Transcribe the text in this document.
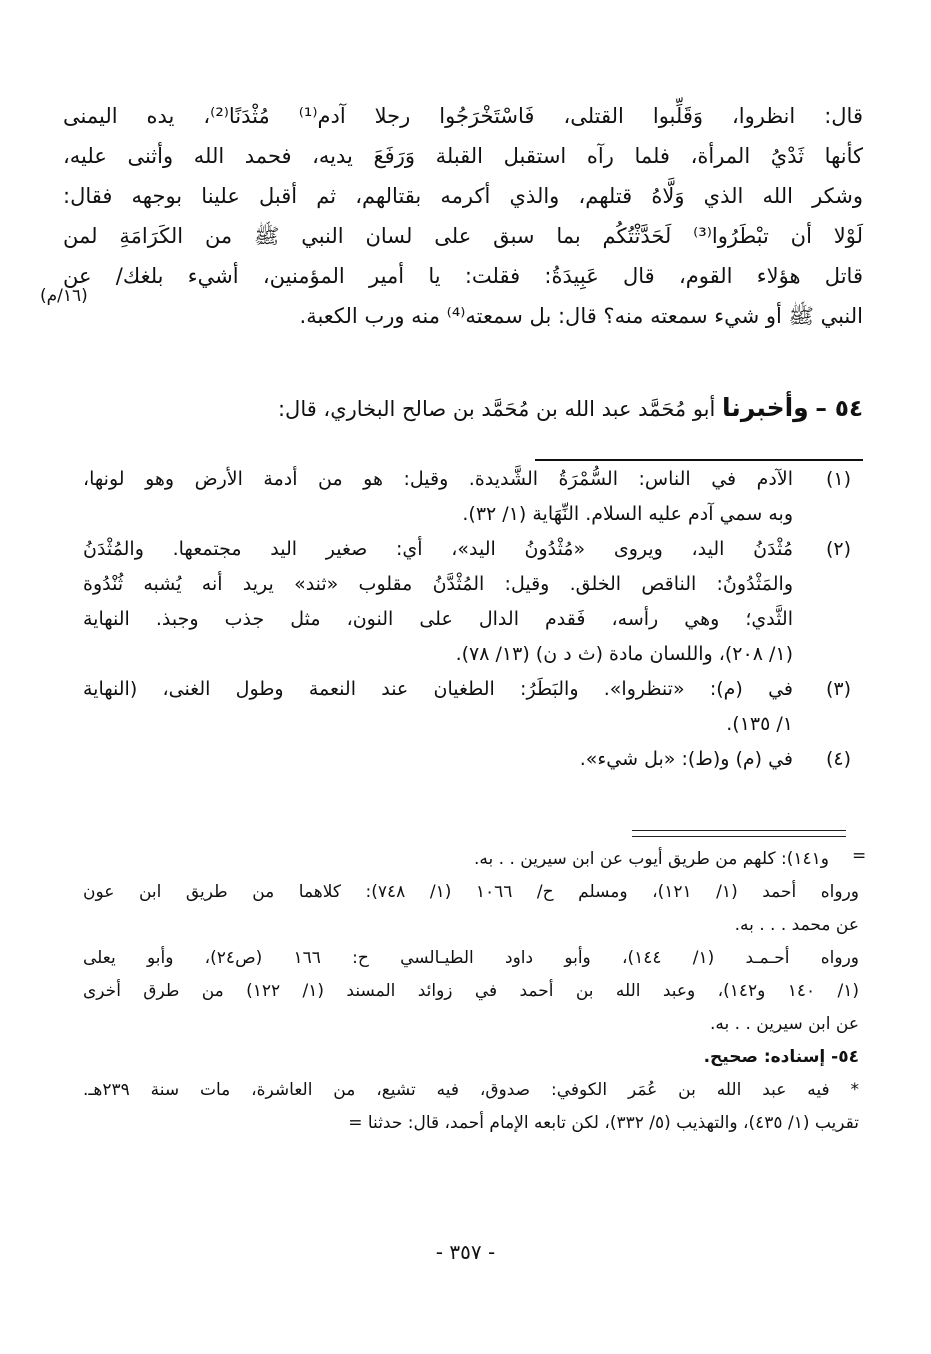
قال: انظروا، وَقَلِّبوا القتلى، فَاسْتَخْرَجُوا رجلا آدم⁽¹⁾ مُثْدَنًا⁽²⁾، يده اليمنى
كأنها ثَدْيُ المرأة، فلما رآه استقبل القبلة وَرَفَعَ يديه، فحمد الله وأثنى عليه،
وشكر الله الذي وَلَّاهُ قتلهم، والذي أكرمه بقتالهم، ثم أقبل علينا بوجهه فقال:
لَوْلا أن تبْطَرُوا⁽³⁾ لَحَدَّثْتُكُم بما سبق على لسان النبي ﷺ من الكَرَامَةِ لمن
قاتل هؤلاء القوم، قال عَبِيدَةُ: فقلت: يا أمير المؤمنين، أشيء بلغك/ عن
النبي ﷺ أو شيء سمعته منه؟ قال: بل سمعته⁽⁴⁾ منه ورب الكعبة.
(١٦/م)
٥٤ – وأخبرنا أبو مُحَمَّد عبد الله بن مُحَمَّد بن صالح البخاري، قال:
(١)
الآدم في الناس: السُّمْرَةُ الشَّديدة. وقيل: هو من أدمة الأرض وهو لونها،
وبه سمي آدم عليه السلام. النِّهَاية (١/ ٣٢).
(٢)
مُثْدَنُ اليد، ويروى «مُثْدُونُ اليد»، أي: صغير اليد مجتمعها. والمُثْدَنُ
والمَثْدُونُ: الناقص الخلق. وقيل: المُثْدَّنُ مقلوب «ثند» يريد أنه يُشبه ثُنْدُوة
الثَّدي؛ وهي رأسه، فَقدم الدال على النون، مثل جذب وجبذ. النهاية
(١/ ٢٠٨)، واللسان مادة (ث د ن) (١٣/ ٧٨).
(٣)
في (م): «تنظروا». والبَطَرُ: الطغيان عند النعمة وطول الغنى، (النهاية
١/ ١٣٥).
(٤)
في (م) و(ط): «بل شيء».
=
و١٤١): كلهم من طريق أيوب عن ابن سيرين . . به.
ورواه أحمد (١/ ١٢١)، ومسلم ح/ ١٠٦٦ (١/ ٧٤٨): كلاهما من طريق ابن عون
عن محمد . . . به.
ورواه أحـمـد (١/ ١٤٤)، وأبو داود الطيـالسي ح: ١٦٦ (ص٢٤)، وأبو يعلى
(١/ ١٤٠ و١٤٢)، وعبد الله بن أحمد في زوائد المسند (١/ ١٢٢) من طرق أخرى
عن ابن سيرين . . به.
٥٤- إسناده: صحيح.
* فيه عبد الله بن عُمَر الكوفي: صدوق، فيه تشيع، من العاشرة، مات سنة ٢٣٩هـ.
تقريب (١/ ٤٣٥)، والتهذيب (٥/ ٣٣٢)، لكن تابعه الإمام أحمد، قال: حدثنا =
- ٣٥٧ -
